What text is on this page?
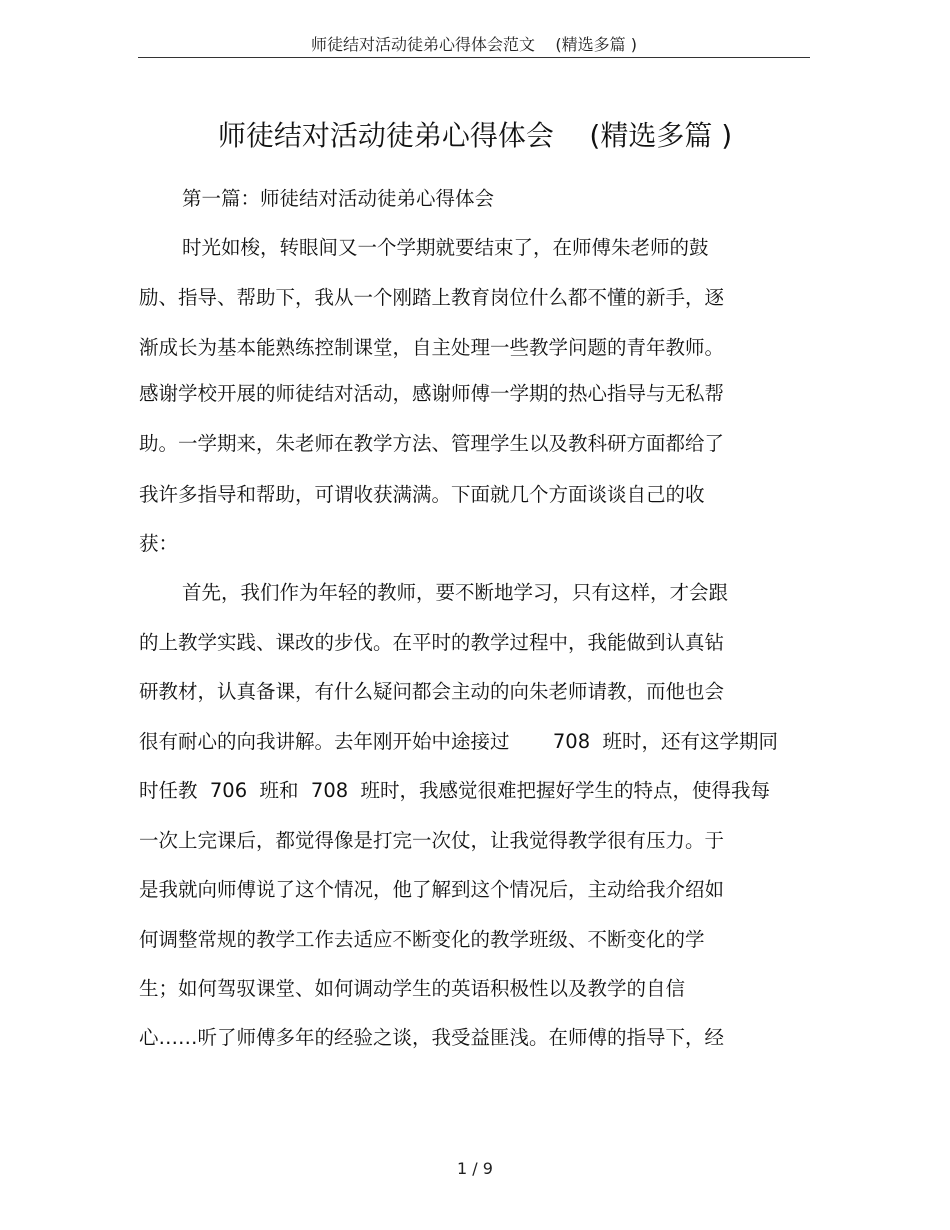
师徒结对活动徒弟心得体会范文    (精选多篇 )
师徒结对活动徒弟心得体会    (精选多篇 )
第一篇：师徒结对活动徒弟心得体会
时光如梭，转眼间又一个学期就要结束了，在师傅朱老师的鼓
励、指导、帮助下，我从一个刚踏上教育岗位什么都不懂的新手，逐
渐成长为基本能熟练控制课堂，自主处理一些教学问题的青年教师。
感谢学校开展的师徒结对活动，感谢师傅一学期的热心指导与无私帮
助。一学期来，朱老师在教学方法、管理学生以及教科研方面都给了
我许多指导和帮助，可谓收获满满。下面就几个方面谈谈自己的收
获：
首先，我们作为年轻的教师，要不断地学习，只有这样，才会跟
的上教学实践、课改的步伐。在平时的教学过程中，我能做到认真钻
研教材，认真备课，有什么疑问都会主动的向朱老师请教，而他也会
很有耐心的向我讲解。去年刚开始中途接过       708  班时，还有这学期同
时任教  706  班和  708  班时，我感觉很难把握好学生的特点，使得我每
一次上完课后，都觉得像是打完一次仗，让我觉得教学很有压力。于
是我就向师傅说了这个情况，他了解到这个情况后，主动给我介绍如
何调整常规的教学工作去适应不断变化的教学班级、不断变化的学
生；如何驾驭课堂、如何调动学生的英语积极性以及教学的自信
心……听了师傅多年的经验之谈，我受益匪浅。在师傅的指导下，经
1 / 9
